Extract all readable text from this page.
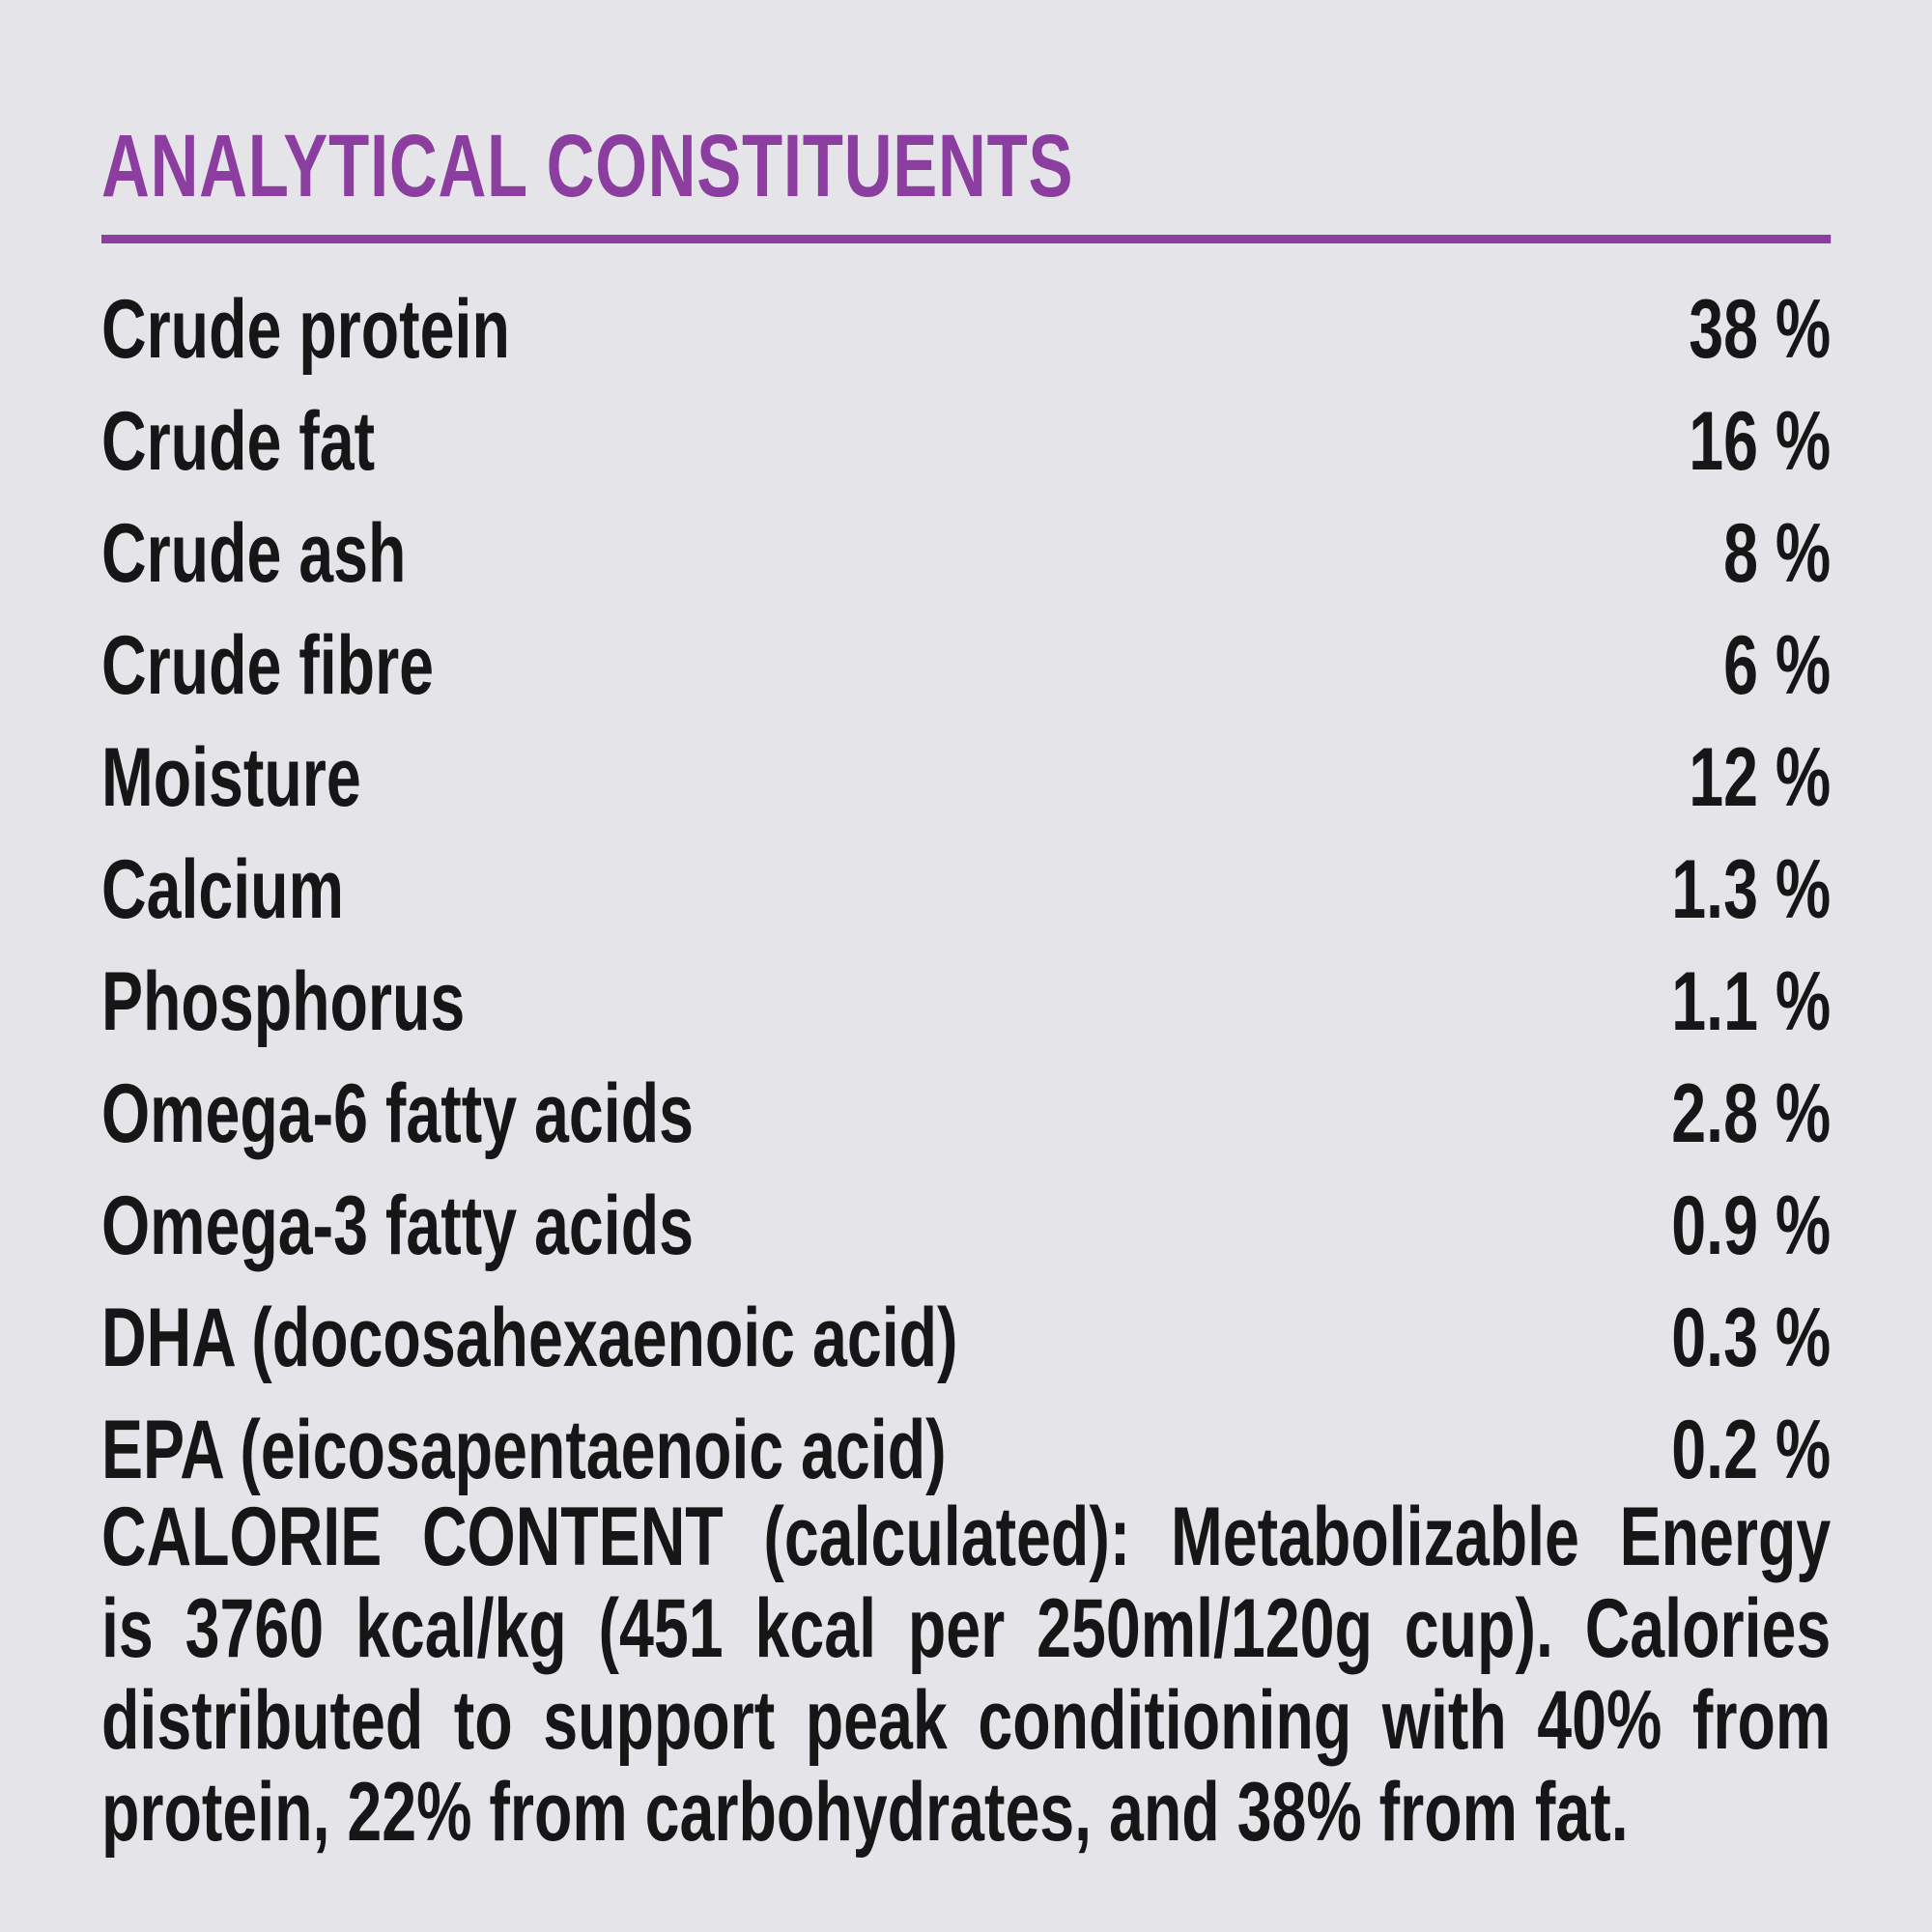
ANALYTICAL CONSTITUENTS
Crude protein	38 %
Crude fat	16 %
Crude ash	8 %
Crude fibre	6 %
Moisture	12 %
Calcium	1.3 %
Phosphorus	1.1 %
Omega-6 fatty acids	2.8 %
Omega-3 fatty acids	0.9 %
DHA (docosahexaenoic acid)	0.3 %
EPA (eicosapentaenoic acid)	0.2 %
CALORIE CONTENT (calculated): Metabolizable Energy
is 3760 kcal/kg (451 kcal per 250ml/120g cup). Calories
distributed to support peak conditioning with 40% from
protein, 22% from carbohydrates, and 38% from fat.
